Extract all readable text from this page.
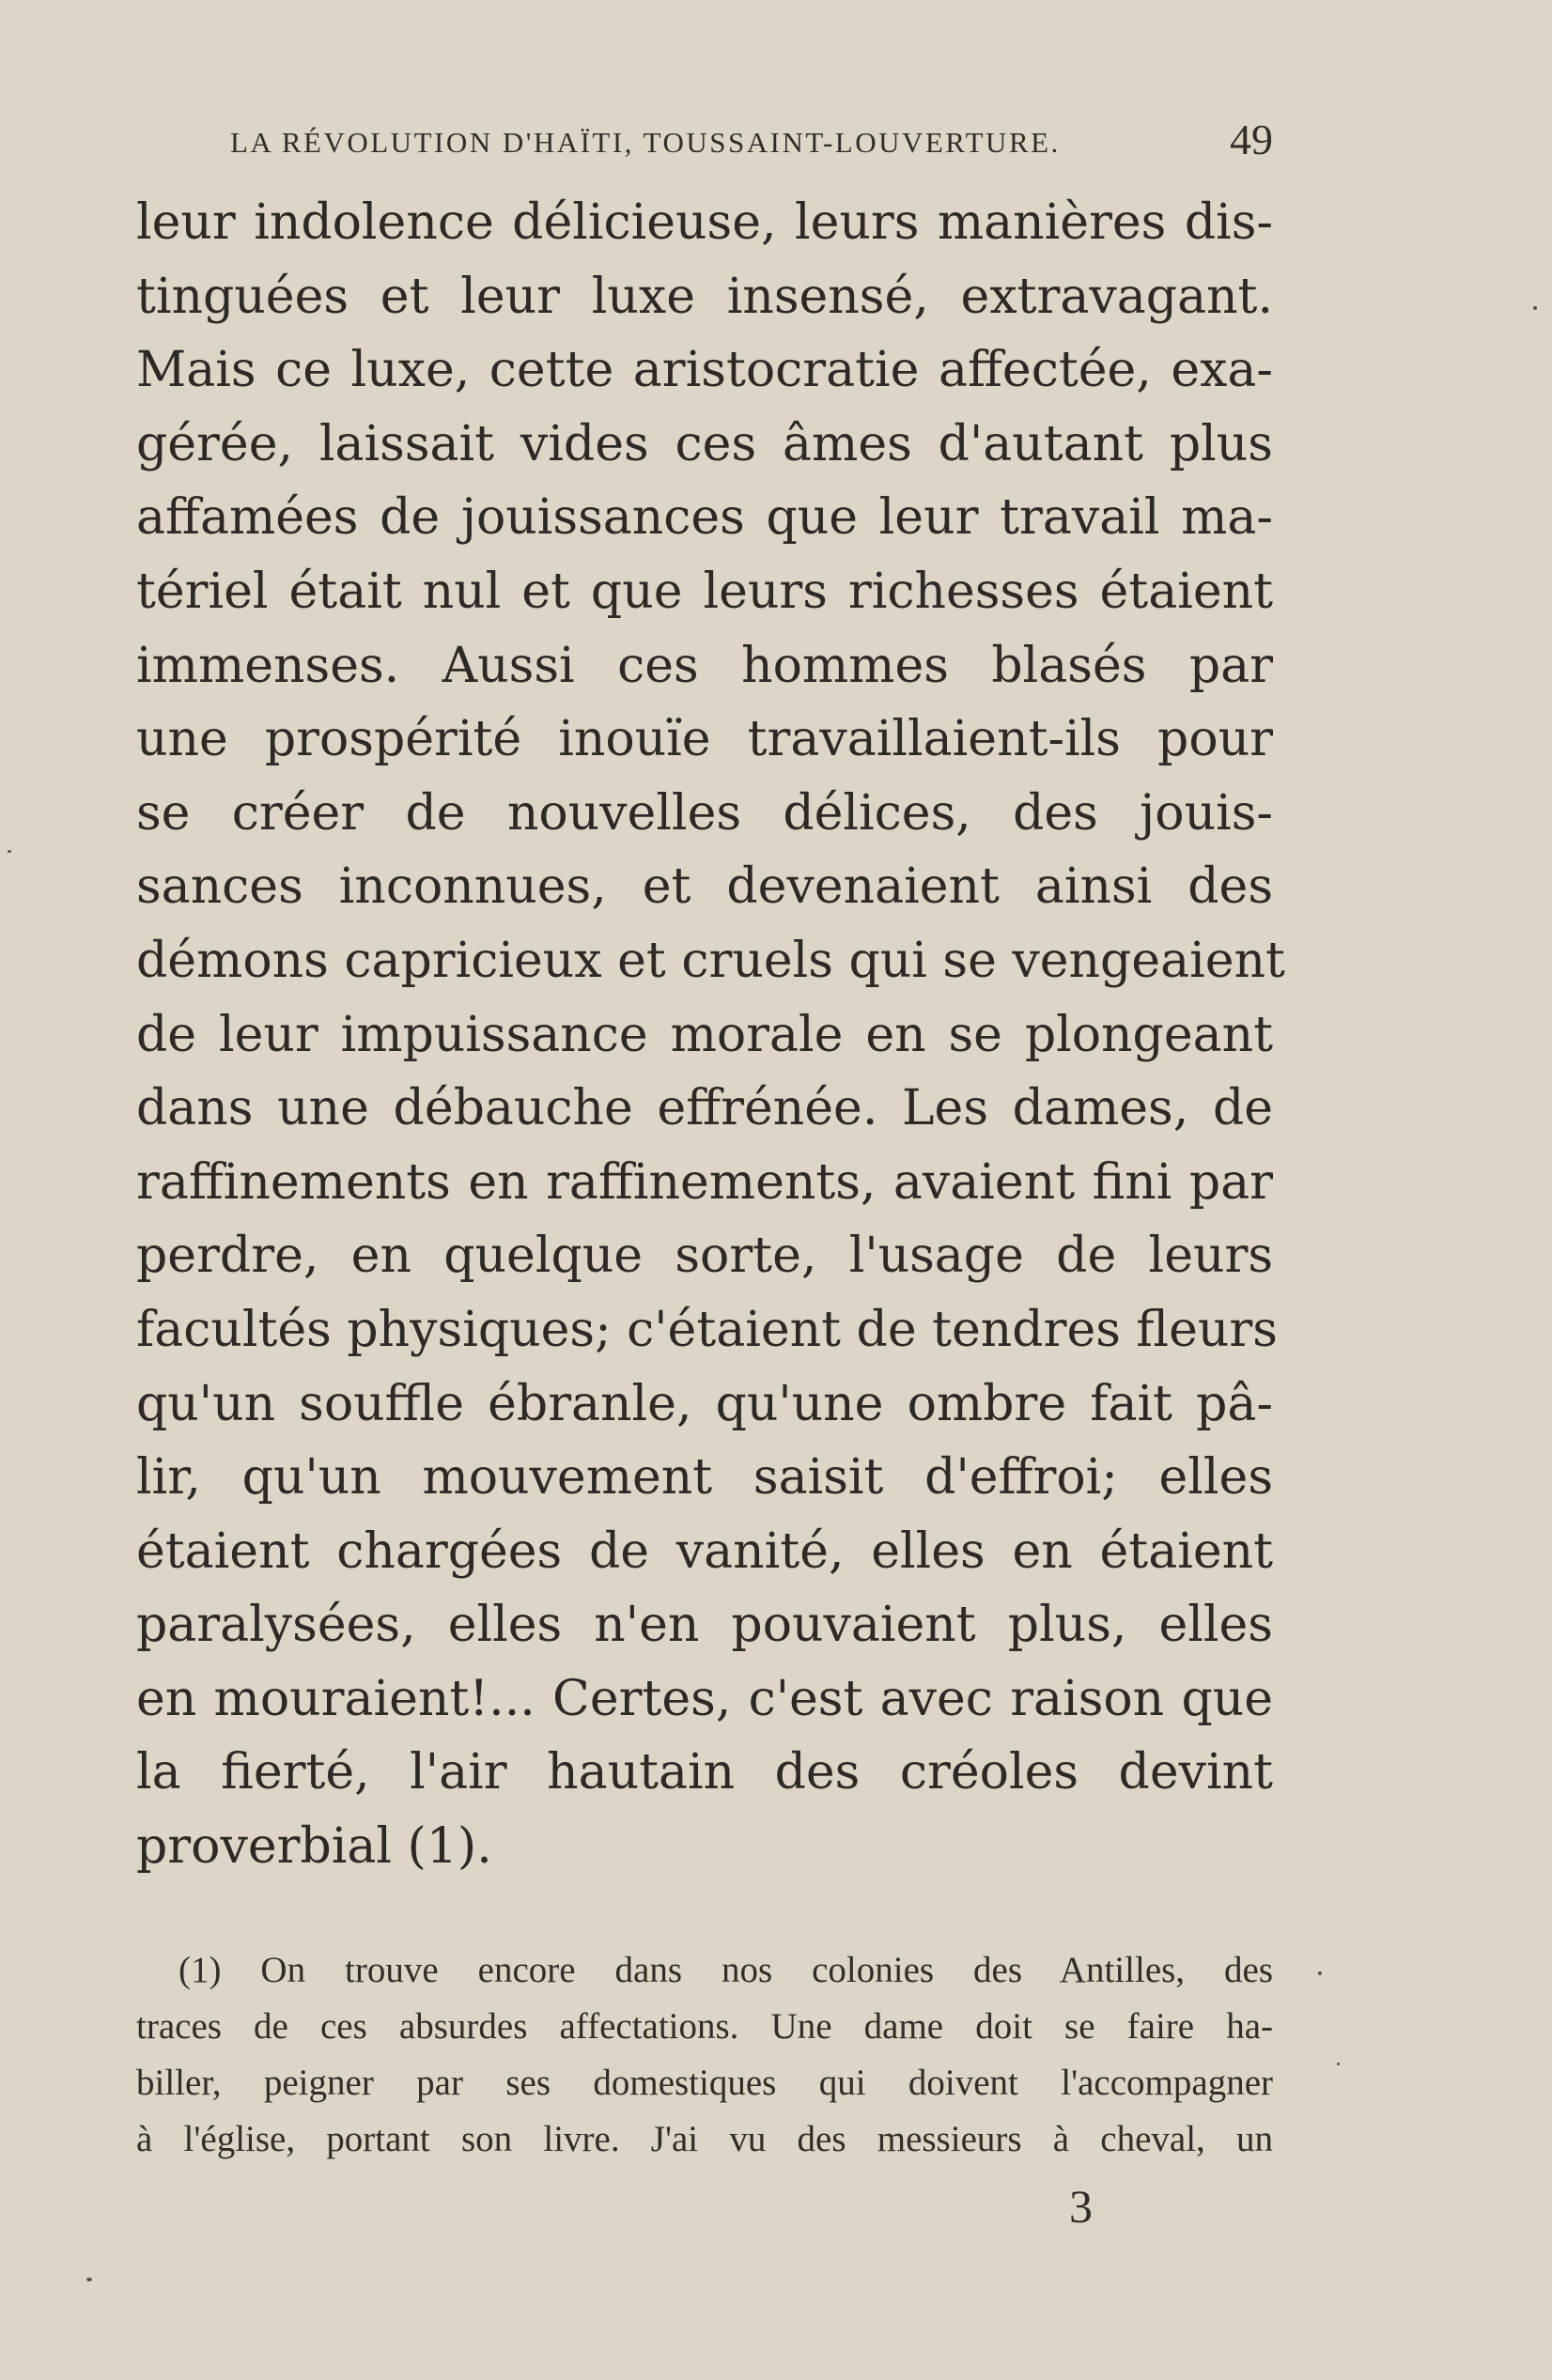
LA RÉVOLUTION D'HAÏTI, TOUSSAINT-LOUVERTURE.	49
leur indolence délicieuse, leurs manières dis-
tinguées et leur luxe insensé, extravagant.
Mais ce luxe, cette aristocratie affectée, exa-
gérée, laissait vides ces âmes d'autant plus
affamées de jouissances que leur travail ma-
tériel était nul et que leurs richesses étaient
immenses. Aussi ces hommes blasés par
une prospérité inouïe travaillaient-ils pour
se créer de nouvelles délices, des jouis-
sances inconnues, et devenaient ainsi des
démons capricieux et cruels qui se vengeaient
de leur impuissance morale en se plongeant
dans une débauche effrénée. Les dames, de
raffinements en raffinements, avaient fini par
perdre, en quelque sorte, l'usage de leurs
facultés physiques; c'étaient de tendres fleurs
qu'un souffle ébranle, qu'une ombre fait pâ-
lir, qu'un mouvement saisit d'effroi; elles
étaient chargées de vanité, elles en étaient
paralysées, elles n'en pouvaient plus, elles
en mouraient!... Certes, c'est avec raison que
la fierté, l'air hautain des créoles devint
proverbial (1).
(1) On trouve encore dans nos colonies des Antilles, des
traces de ces absurdes affectations. Une dame doit se faire ha-
biller, peigner par ses domestiques qui doivent l'accompagner
à l'église, portant son livre. J'ai vu des messieurs à cheval, un
3
